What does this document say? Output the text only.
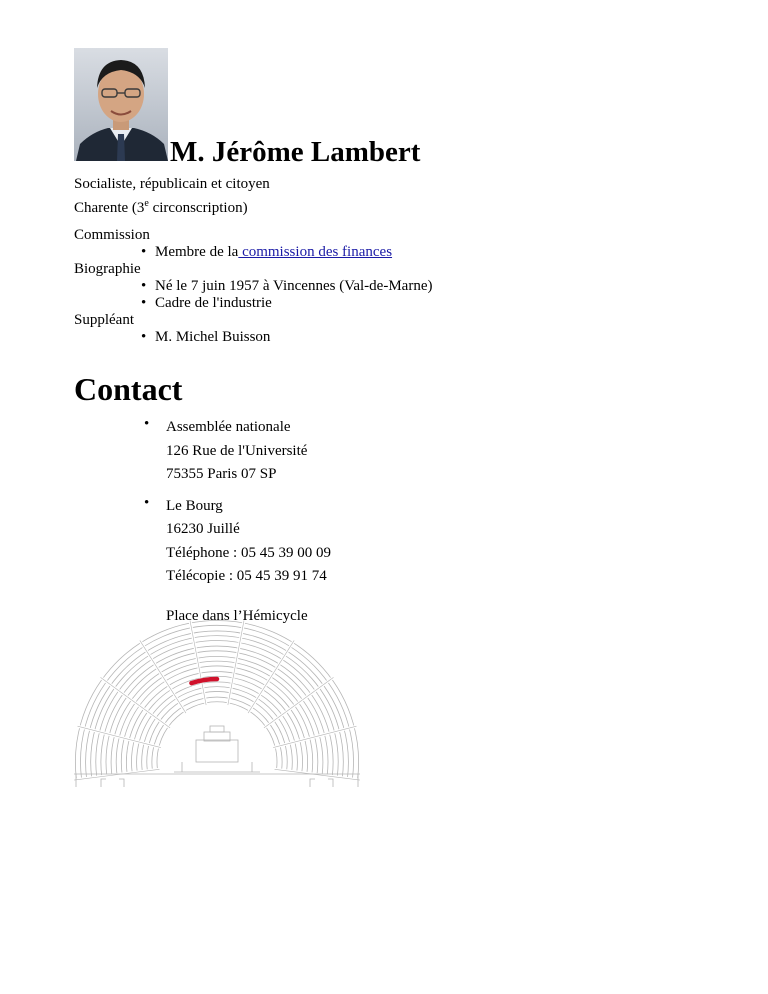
M. Jérôme Lambert
Socialiste, républicain et citoyen
Charente (3e circonscription)
Commission
• Membre de la commission des finances
Biographie
• Né le 7 juin 1957 à Vincennes (Val-de-Marne)
• Cadre de l'industrie
Suppléant
• M. Michel Buisson
Contact
• Assemblée nationale
126 Rue de l'Université
75355 Paris 07 SP
• Le Bourg
16230 Juillé
Téléphone : 05 45 39 00 09
Télécopie : 05 45 39 91 74
Place dans l’Hémicycle
